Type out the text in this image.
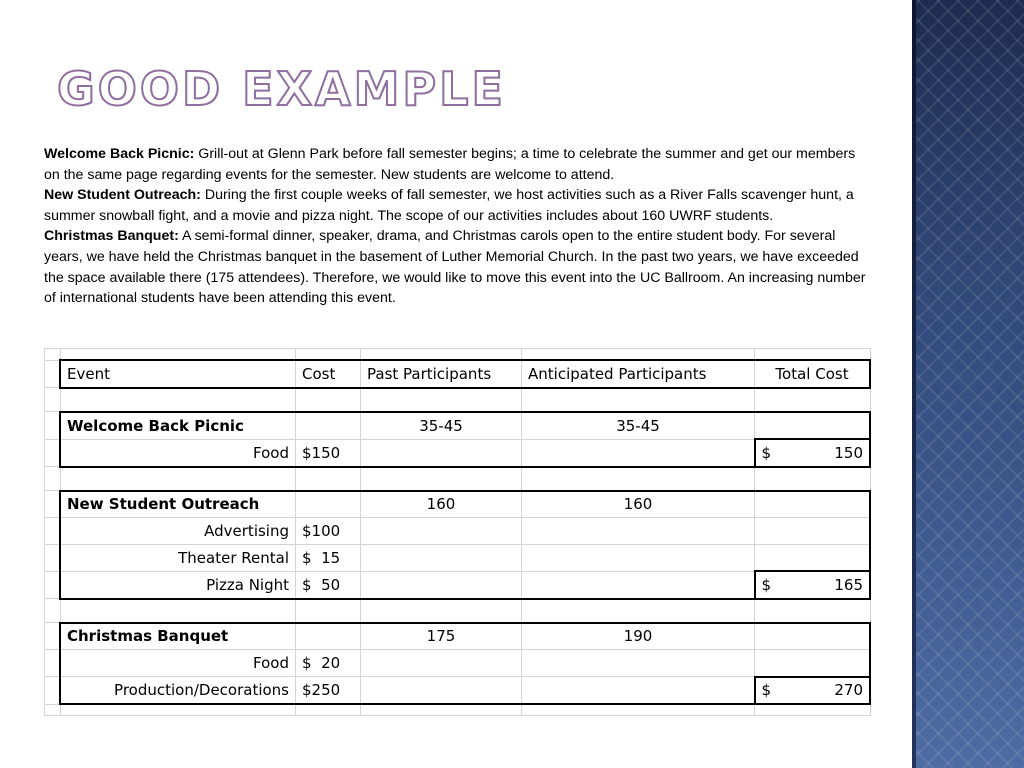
GOOD EXAMPLE

Welcome Back Picnic: Grill-out at Glenn Park before fall semester begins; a time to celebrate the summer and get our members on the same page regarding events for the semester. New students are welcome to attend.

New Student Outreach: During the first couple weeks of fall semester, we host activities such as a River Falls scavenger hunt, a summer snowball fight, and a movie and pizza night. The scope of our activities includes about 160 UWRF students.

Christmas Banquet: A semi-formal dinner, speaker, drama, and Christmas carols open to the entire student body. For several years, we have held the Christmas banquet in the basement of Luther Memorial Church. In the past two years, we have exceeded the space available there (175 attendees). Therefore, we would like to move this event into the UC Ballroom. An increasing number of international students have been attending this event.

	Event	Cost	Past Participants	Anticipated Participants	Total Cost

	Welcome Back Picnic		35-45	35-45	
	Food	$150			$ 150

	New Student Outreach		160	160	
	Advertising	$100			
	Theater Rental	$  15			
	Pizza Night	$  50			$ 165

	Christmas Banquet		175	190	
	Food	$  20			
	Production/Decorations	$250			$ 270
